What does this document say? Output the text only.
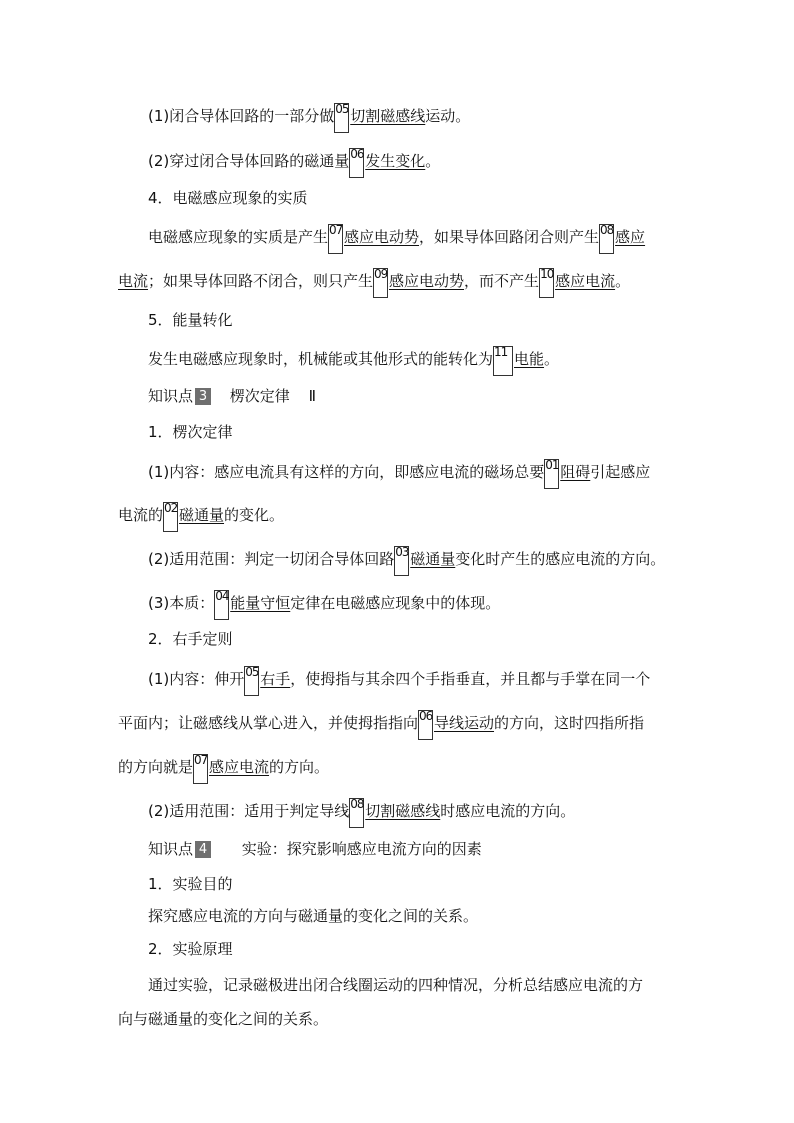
(1)闭合导体回路的一部分做 05 切割磁感线运动。
(2)穿过闭合导体回路的磁通量 06 发生变化。
4．电磁感应现象的实质
电磁感应现象的实质是产生 07 感应电动势，如果导体回路闭合则产生 08 感应
电流；如果导体回路不闭合，则只产生 09 感应电动势，而不产生 10 感应电流。
5．能量转化
发生电磁感应现象时，机械能或其他形式的能转化为 11 电能。
知识点 3 楞次定律 Ⅱ
1．楞次定律
(1)内容：感应电流具有这样的方向，即感应电流的磁场总要 01 阻碍引起感应
电流的 02 磁通量的变化。
(2)适用范围：判定一切闭合导体回路 03 磁通量变化时产生的感应电流的方向。
(3)本质： 04 能量守恒定律在电磁感应现象中的体现。
2．右手定则
(1)内容：伸开 05 右手，使拇指与其余四个手指垂直，并且都与手掌在同一个
平面内；让磁感线从掌心进入，并使拇指指向 06 导线运动的方向，这时四指所指
的方向就是 07 感应电流的方向。
(2)适用范围：适用于判定导线 08 切割磁感线时感应电流的方向。
知识点 4 实验：探究影响感应电流方向的因素
1．实验目的
探究感应电流的方向与磁通量的变化之间的关系。
2．实验原理
通过实验，记录磁极进出闭合线圈运动的四种情况，分析总结感应电流的方
向与磁通量的变化之间的关系。
